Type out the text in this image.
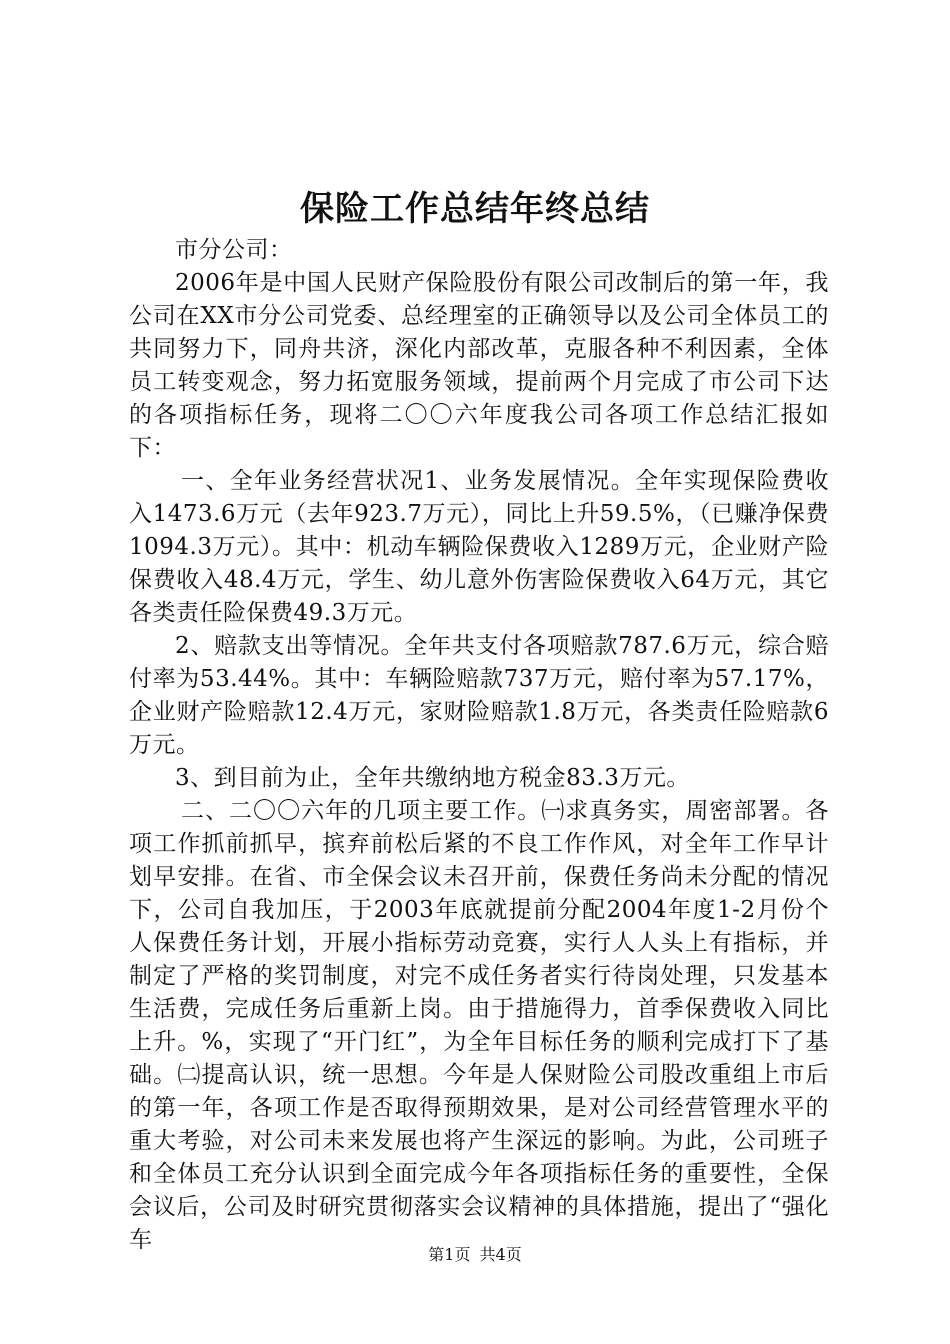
保险工作总结年终总结

市分公司：

2006年是中国人民财产保险股份有限公司改制后的第一年，我公司在XX市分公司党委、总经理室的正确领导以及公司全体员工的共同努力下，同舟共济，深化内部改革，克服各种不利因素，全体员工转变观念，努力拓宽服务领域，提前两个月完成了市公司下达的各项指标任务，现将二〇〇六年度我公司各项工作总结汇报如下：

一、全年业务经营状况1、业务发展情况。全年实现保险费收入1473.6万元（去年923.7万元），同比上升59.5%，（已赚净保费1094.3万元）。其中：机动车辆险保费收入1289万元，企业财产险保费收入48.4万元，学生、幼儿意外伤害险保费收入64万元，其它各类责任险保费49.3万元。

2、赔款支出等情况。全年共支付各项赔款787.6万元，综合赔付率为53.44%。其中：车辆险赔款737万元，赔付率为57.17%，企业财产险赔款12.4万元，家财险赔款1.8万元，各类责任险赔款6万元。

3、到目前为止，全年共缴纳地方税金83.3万元。

二、二〇〇六年的几项主要工作。㈠求真务实，周密部署。各项工作抓前抓早，摈弃前松后紧的不良工作作风，对全年工作早计划早安排。在省、市全保会议未召开前，保费任务尚未分配的情况下，公司自我加压，于2003年底就提前分配2004年度1-2月份个人保费任务计划，开展小指标劳动竞赛，实行人人头上有指标，并制定了严格的奖罚制度，对完不成任务者实行待岗处理，只发基本生活费，完成任务后重新上岗。由于措施得力，首季保费收入同比上升。%，实现了“开门红”，为全年目标任务的顺利完成打下了基础。㈡提高认识，统一思想。今年是人保财险公司股改重组上市后的第一年，各项工作是否取得预期效果，是对公司经营管理水平的重大考验，对公司未来发展也将产生深远的影响。为此，公司班子和全体员工充分认识到全面完成今年各项指标任务的重要性，全保会议后，公司及时研究贯彻落实会议精神的具体措施，提出了“强化车

第1页 共4页
